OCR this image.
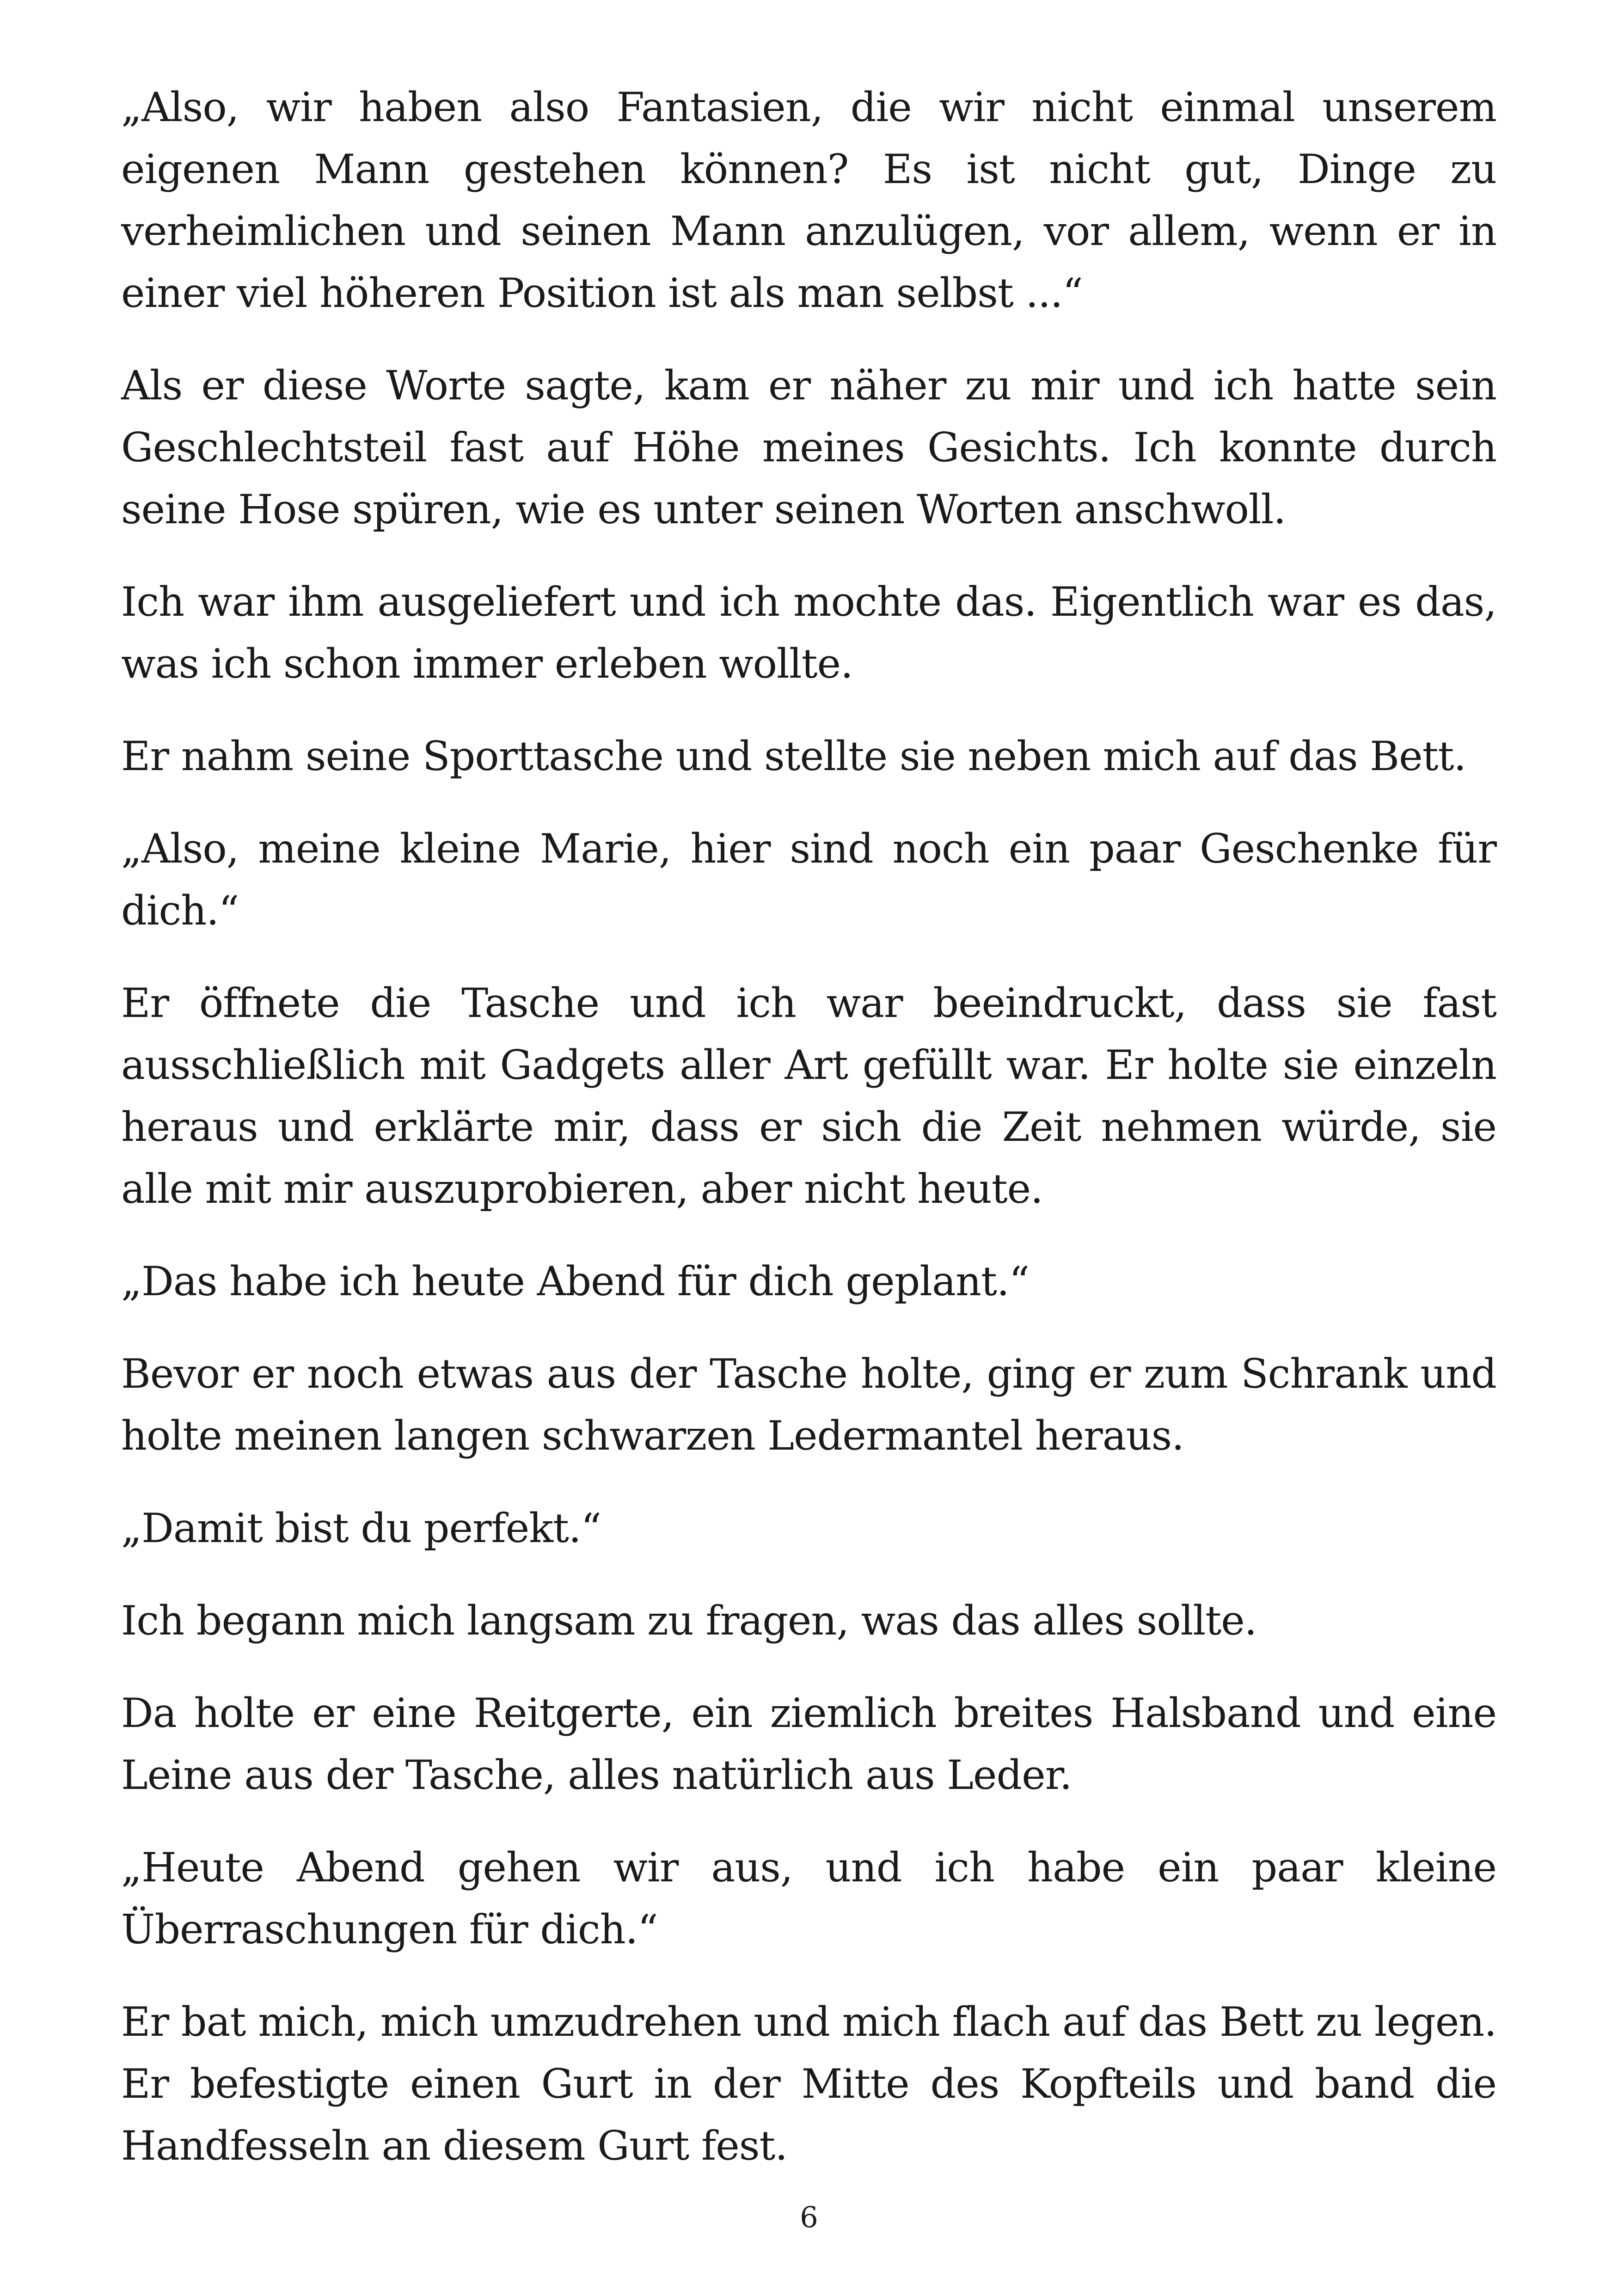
„Also, wir haben also Fantasien, die wir nicht einmal unserem eigenen Mann gestehen können? Es ist nicht gut, Dinge zu verheimlichen und seinen Mann anzulügen, vor allem, wenn er in einer viel höheren Position ist als man selbst ...“

Als er diese Worte sagte, kam er näher zu mir und ich hatte sein Geschlechtsteil fast auf Höhe meines Gesichts. Ich konnte durch seine Hose spüren, wie es unter seinen Worten anschwoll.

Ich war ihm ausgeliefert und ich mochte das. Eigentlich war es das, was ich schon immer erleben wollte.

Er nahm seine Sporttasche und stellte sie neben mich auf das Bett.

„Also, meine kleine Marie, hier sind noch ein paar Geschenke für dich.“

Er öffnete die Tasche und ich war beeindruckt, dass sie fast ausschließlich mit Gadgets aller Art gefüllt war. Er holte sie einzeln heraus und erklärte mir, dass er sich die Zeit nehmen würde, sie alle mit mir auszuprobieren, aber nicht heute.

„Das habe ich heute Abend für dich geplant.“

Bevor er noch etwas aus der Tasche holte, ging er zum Schrank und holte meinen langen schwarzen Ledermantel heraus.

„Damit bist du perfekt.“

Ich begann mich langsam zu fragen, was das alles sollte.

Da holte er eine Reitgerte, ein ziemlich breites Halsband und eine Leine aus der Tasche, alles natürlich aus Leder.

„Heute Abend gehen wir aus, und ich habe ein paar kleine Überraschungen für dich.“

Er bat mich, mich umzudrehen und mich flach auf das Bett zu legen. Er befestigte einen Gurt in der Mitte des Kopfteils und band die Handfesseln an diesem Gurt fest.

6
